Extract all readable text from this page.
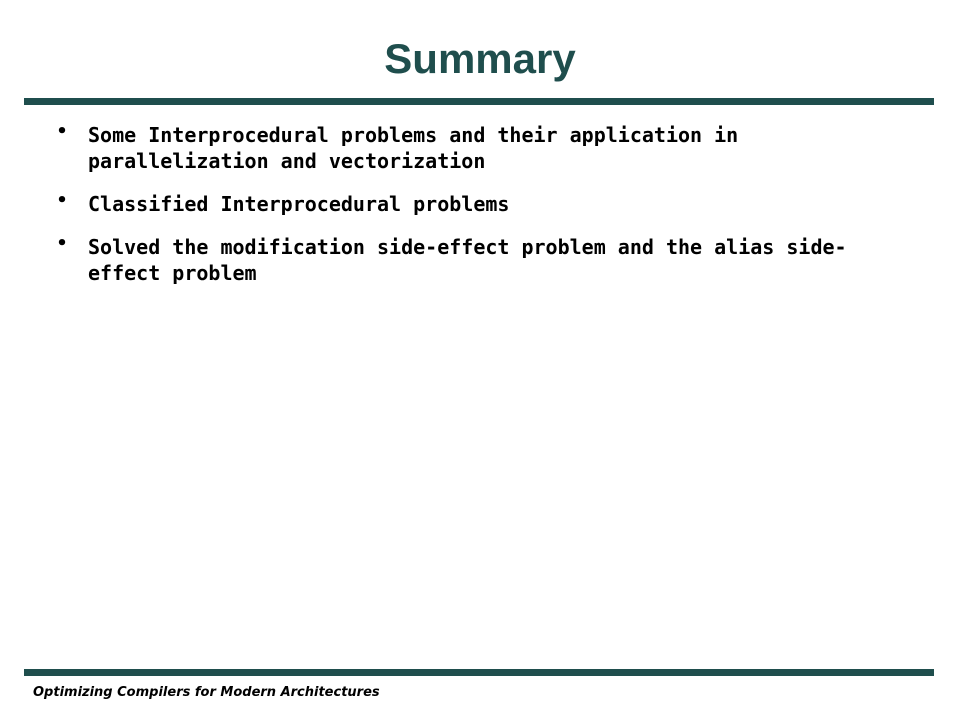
Summary
• Some Interprocedural problems and their application in
parallelization and vectorization
• Classified Interprocedural problems
• Solved the modification side-effect problem and the alias side-
effect problem
Optimizing Compilers for Modern Architectures
